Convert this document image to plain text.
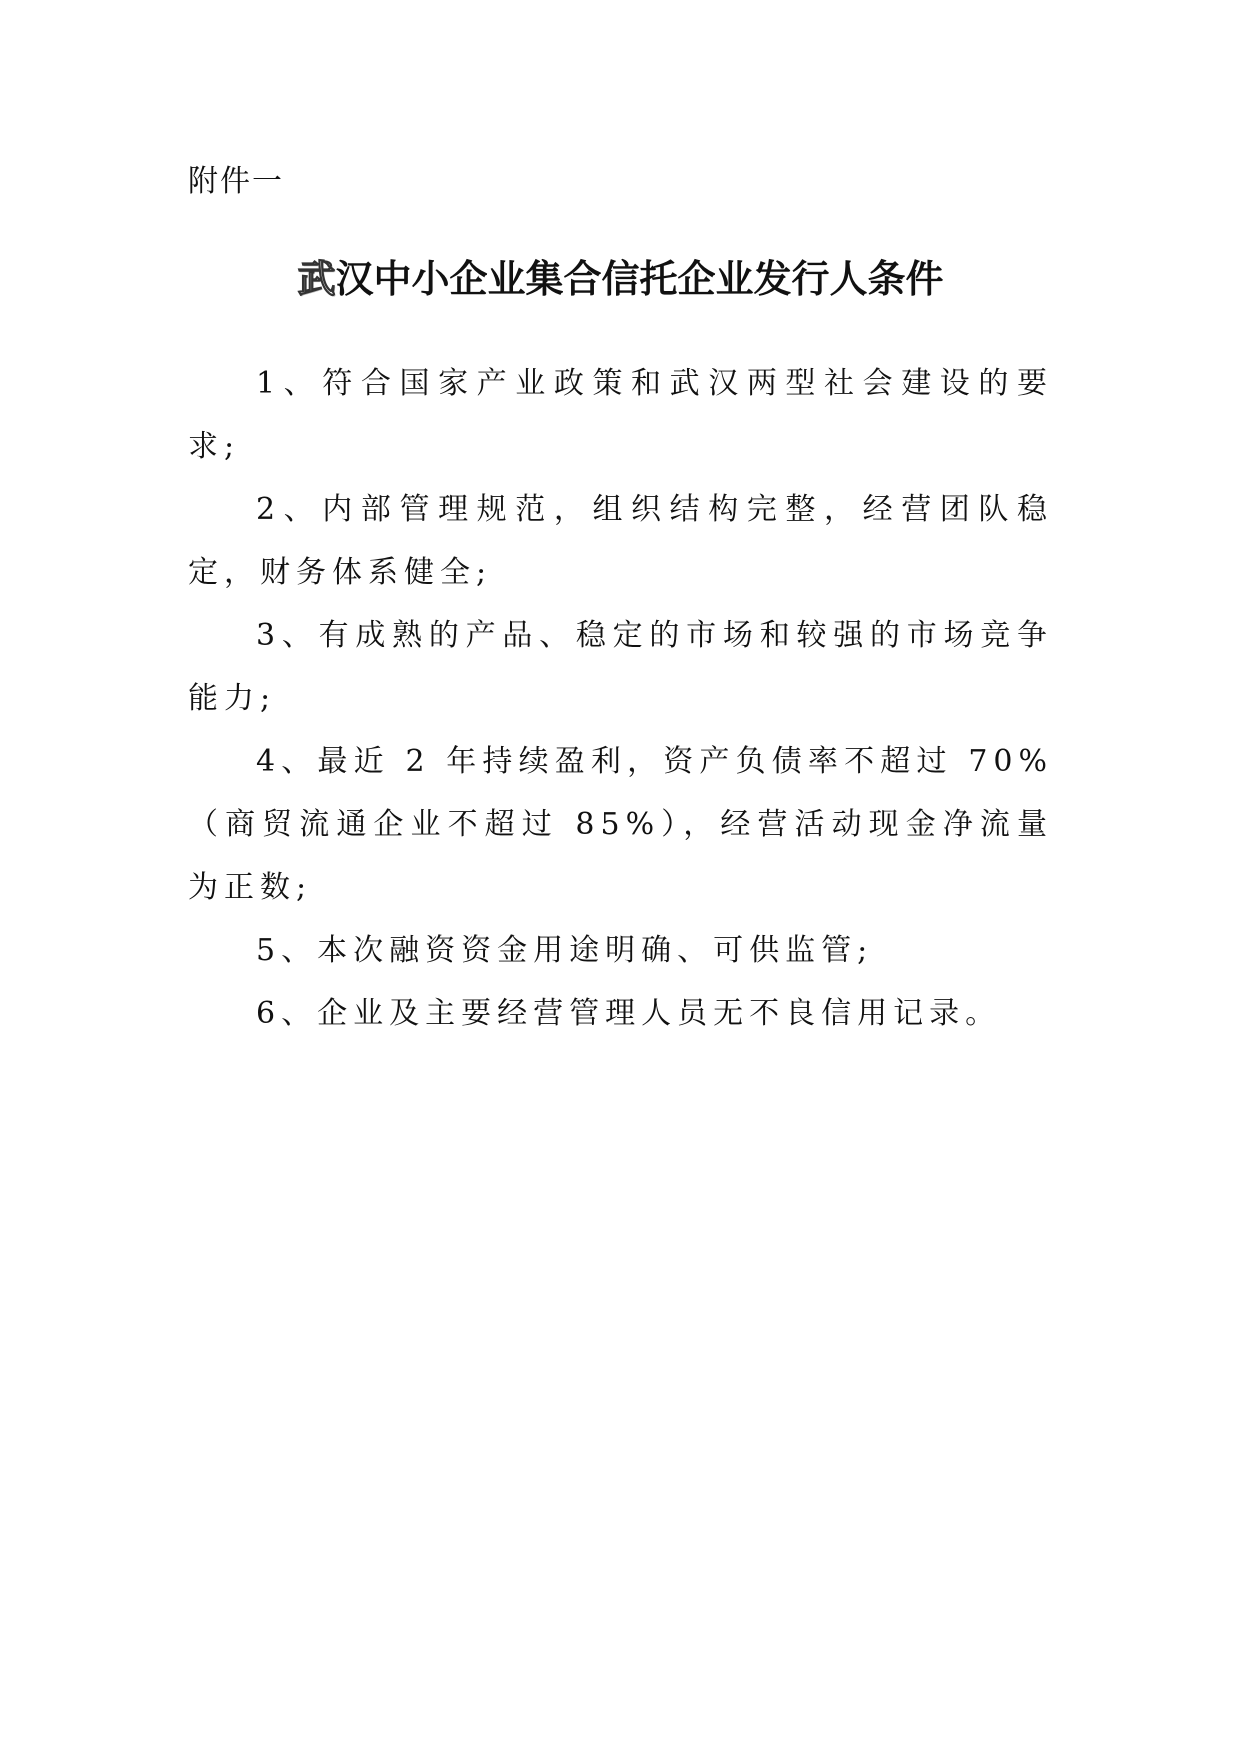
附件一
武汉中小企业集合信托企业发行人条件

1、符合国家产业政策和武汉两型社会建设的要求;

2、内部管理规范，组织结构完整，经营团队稳定，财务体系健全;

3、有成熟的产品、稳定的市场和较强的市场竞争能力;

4、最近 2 年持续盈利，资产负债率不超过 70%（商贸流通企业不超过 85%），经营活动现金净流量为正数;

5、本次融资资金用途明确、可供监管;

6、企业及主要经营管理人员无不良信用记录。
